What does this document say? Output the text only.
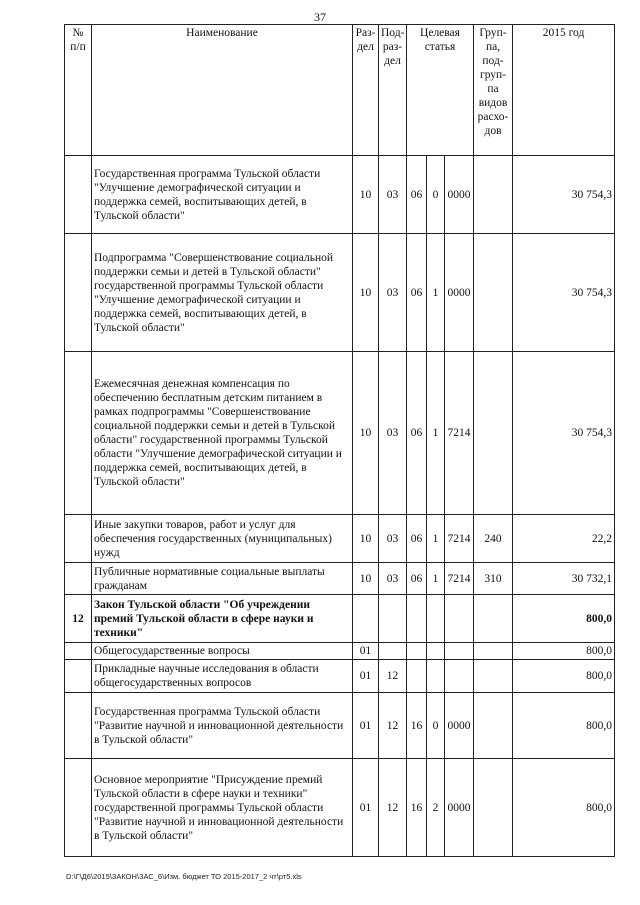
37
№ п/п	Наименование	Раз-дел	Под-раз-дел	Целевая статья			Груп-па, под-груп-па видов расхо-дов	2015 год
	Государственная программа Тульской области "Улучшение демографической ситуации и поддержка семей, воспитывающих детей, в Тульской области"	10	03	06	0	0000		30 754,3
	Подпрограмма "Совершенствование социальной поддержки семьи и детей в Тульской области" государственной программы Тульской области "Улучшение демографической ситуации и поддержка семей, воспитывающих детей, в Тульской области"	10	03	06	1	0000		30 754,3
	Ежемесячная денежная компенсация по обеспечению бесплатным детским питанием в рамках подпрограммы "Совершенствование социальной поддержки семьи и детей в Тульской области" государственной программы Тульской области "Улучшение демографической ситуации и поддержка семей, воспитывающих детей, в Тульской области"	10	03	06	1	7214		30 754,3
	Иные закупки товаров, работ и услуг для обеспечения государственных (муниципальных) нужд	10	03	06	1	7214	240	22,2
	Публичные нормативные социальные выплаты гражданам	10	03	06	1	7214	310	30 732,1
12	Закон Тульской области "Об учреждении премий Тульской области в сфере науки и техники"							800,0
	Общегосударственные вопросы	01						800,0
	Прикладные научные исследования в области общегосударственных вопросов	01	12					800,0
	Государственная программа Тульской области "Развитие научной и инновационной деятельности в Тульской области"	01	12	16	0	0000		800,0
	Основное мероприятие "Присуждение премий Тульской области в сфере науки и техники" государственной программы Тульской области "Развитие научной и инновационной деятельности в Тульской области"	01	12	16	2	0000		800,0
D:\Г\Д6\2015\ЗАКОН\ЗАС_6\Изм. бюджет ТО 2015-2017_2 чт\рт5.xls
